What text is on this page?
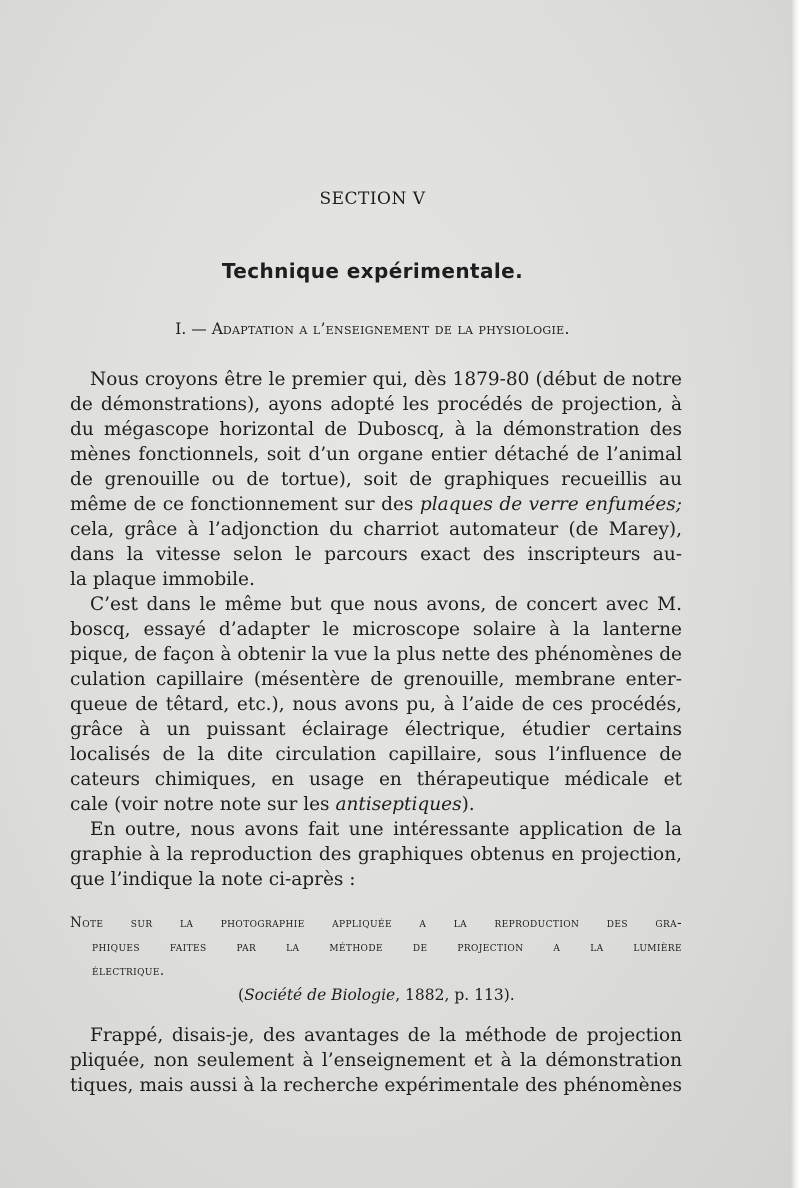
SECTION V
Technique expérimentale.
I. — Adaptation a l’enseignement de la physiologie.
Nous croyons être le premier qui, dès 1879-80 (début de notre
de démonstrations), ayons adopté les procédés de projection, à
du mégascope horizontal de Duboscq, à la démonstration des
mènes fonctionnels, soit d’un organe entier détaché de l’animal
de grenouille ou de tortue), soit de graphiques recueillis au
même de ce fonctionnement sur des plaques de verre enfumées;
cela, grâce à l’adjonction du charriot automateur (de Marey),
dans la vitesse selon le parcours exact des inscripteurs au-
la plaque immobile.
C’est dans le même but que nous avons, de concert avec M.
boscq, essayé d’adapter le microscope solaire à la lanterne
pique, de façon à obtenir la vue la plus nette des phénomènes de
culation capillaire (mésentère de grenouille, membrane enter-
queue de têtard, etc.), nous avons pu, à l’aide de ces procédés,
grâce à un puissant éclairage électrique, étudier certains
localisés de la dite circulation capillaire, sous l’influence de
cateurs chimiques, en usage en thérapeutique médicale et
cale (voir notre note sur les antiseptiques).
En outre, nous avons fait une intéressante application de la
graphie à la reproduction des graphiques obtenus en projection,
que l’indique la note ci-après :
Note sur la photographie appliquée a la reproduction des gra-
phiques faites par la méthode de projection a la lumière
électrique.
(Société de Biologie, 1882, p. 113).
Frappé, disais-je, des avantages de la méthode de projection
pliquée, non seulement à l’enseignement et à la démonstration
tiques, mais aussi à la recherche expérimentale des phénomènes
